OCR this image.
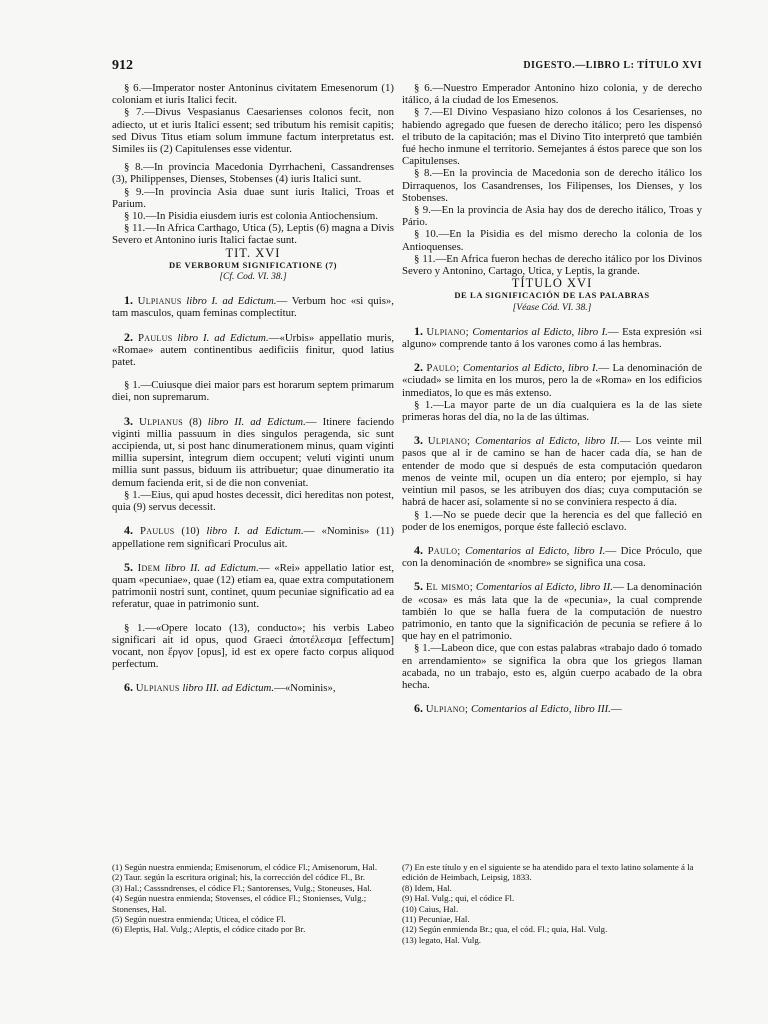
912	DIGESTO.—LIBRO L: TÍTULO XVI

§ 6.—Imperator noster Antoninus civitatem Emesenorum (1) coloniam et iuris Italici fecit.

§ 7.—Divus Vespasianus Caesarienses colonos fecit, non adiecto, ut et iuris Italici essent; sed tributum his remisit capitis; sed Divus Titus etiam solum immune factum interpretatus est. Similes iis (2) Capitulenses esse videntur.

§ 8.—In provincia Macedonia Dyrrhacheni, Cassandrenses (3), Philippenses, Dienses, Stobenses (4) iuris Italici sunt.

§ 9.—In provincia Asia duae sunt iuris Italici, Troas et Parium.

§ 10.—In Pisidia eiusdem iuris est colonia Antiochensium.

§ 11.—In Africa Carthago, Utica (5), Leptis (6) magna a Divis Severo et Antonino iuris Italici factae sunt.

TIT. XVI

DE VERBORUM SIGNIFICATIONE (7)

[Cf. Cod. VI. 38.]

1. Ulpianus libro I. ad Edictum.— Verbum hoc «si quis», tam masculos, quam feminas complectitur.

2. Paulus libro I. ad Edictum.—«Urbis» appellatio muris, «Romae» autem continentibus aedificiis finitur, quod latius patet.

§ 1.—Cuiusque diei maior pars est horarum septem primarum diei, non supremarum.

3. Ulpianus (8) libro II. ad Edictum.— Itinere faciendo viginti millia passuum in dies singulos peragenda, sic sunt accipienda, ut, si post hanc dinumerationem minus, quam viginti millia supersint, integrum diem occupent; veluti viginti unum millia sunt passus, biduum iis attribuetur; quae dinumeratio ita demum facienda erit, si de die non conveniat.

§ 1.—Eius, qui apud hostes decessit, dici hereditas non potest, quia (9) servus decessit.

4. Paulus (10) libro I. ad Edictum.— «Nominis» (11) appellatione rem significari Proculus ait.

5. Idem libro II. ad Edictum.— «Rei» appellatio latior est, quam «pecuniae», quae (12) etiam ea, quae extra computationem patrimonii nostri sunt, continet, quum pecuniae significatio ad ea referatur, quae in patrimonio sunt.

§ 1.—«Opere locato (13), conducto»; his verbis Labeo significari ait id opus, quod Graeci ἀποτέλεσμα [effectum] vocant, non ἔργον [opus], id est ex opere facto corpus aliquod perfectum.

6. Ulpianus libro III. ad Edictum.—«Nominis»,

§ 6.—Nuestro Emperador Antonino hizo colonia, y de derecho itálico, á la ciudad de los Emesenos.

§ 7.—El Divino Vespasiano hizo colonos á los Cesarienses, no habiendo agregado que fuesen de derecho itálico; pero les dispensó el tributo de la capitación; mas el Divino Tito interpretó que también fué hecho inmune el territorio. Semejantes á éstos parece que son los Capitulenses.

§ 8.—En la provincia de Macedonia son de derecho itálico los Dirraquenos, los Casandrenses, los Filipenses, los Dienses, y los Stobenses.

§ 9.—En la provincia de Asia hay dos de derecho itálico, Troas y Pário.

§ 10.—En la Pisidia es del mismo derecho la colonia de los Antioquenses.

§ 11.—En Africa fueron hechas de derecho itálico por los Divinos Severo y Antonino, Cartago, Utica, y Leptis, la grande.

TÍTULO XVI

DE LA SIGNIFICACIÓN DE LAS PALABRAS

[Véase Cód. VI. 38.]

1. Ulpiano; Comentarios al Edicto, libro I.— Esta expresión «si alguno» comprende tanto á los varones como á las hembras.

2. Paulo; Comentarios al Edicto, libro I.— La denominación de «ciudad» se limita en los muros, pero la de «Roma» en los edificios inmediatos, lo que es más extenso.

§ 1.—La mayor parte de un día cualquiera es la de las siete primeras horas del día, no la de las últimas.

3. Ulpiano; Comentarios al Edicto, libro II.— Los veinte mil pasos que al ir de camino se han de hacer cada día, se han de entender de modo que si después de esta computación quedaron menos de veinte mil, ocupen un día entero; por ejemplo, si hay veintiun mil pasos, se les atribuyen dos días; cuya computación se habrá de hacer así, solamente si no se conviniera respecto á día.

§ 1.—No se puede decir que la herencia es del que falleció en poder de los enemigos, porque éste falleció esclavo.

4. Paulo; Comentarios al Edicto, libro I.— Dice Próculo, que con la denominación de «nombre» se significa una cosa.

5. El mismo; Comentarios al Edicto, libro II.— La denominación de «cosa» es más lata que la de «pecunia», la cual comprende también lo que se halla fuera de la computación de nuestro patrimonio, en tanto que la significación de pecunia se refiere á lo que hay en el patrimonio.

§ 1.—Labeon dice, que con estas palabras «trabajo dado ó tomado en arrendamiento» se significa la obra que los griegos llaman acabada, no un trabajo, esto es, algún cuerpo acabado de la obra hecha.

6. Ulpiano; Comentarios al Edicto, libro III.—

(1) Según nuestra enmienda; Emisenorum, el códice Fl.; Amisenorum, Hal.
(2) Taur. según la escritura original; his, la corrección del códice Fl., Br.
(3) Hal.; Casssndrenses, el códice Fl.; Santorenses, Vulg.; Stoneuses, Hal.
(4) Según nuestra enmienda; Stovenses, el códice Fl.; Stonienses, Vulg.; Stonenses, Hal.
(5) Según nuestra enmienda; Uticea, el códice Fl.
(6) Eleptis, Hal. Vulg.; Aleptis, el códice citado por Br.
(7) En este título y en el siguiente se ha atendido para el texto latino solamente á la edición de Heimbach, Leipsig, 1833.
(8) Idem, Hal.
(9) Hal. Vulg.; qui, el códice Fl.
(10) Caius, Hal.
(11) Pecuniae, Hal.
(12) Según enmienda Br.; qua, el cód. Fl.; quia, Hal. Vulg.
(13) legato, Hal. Vulg.
